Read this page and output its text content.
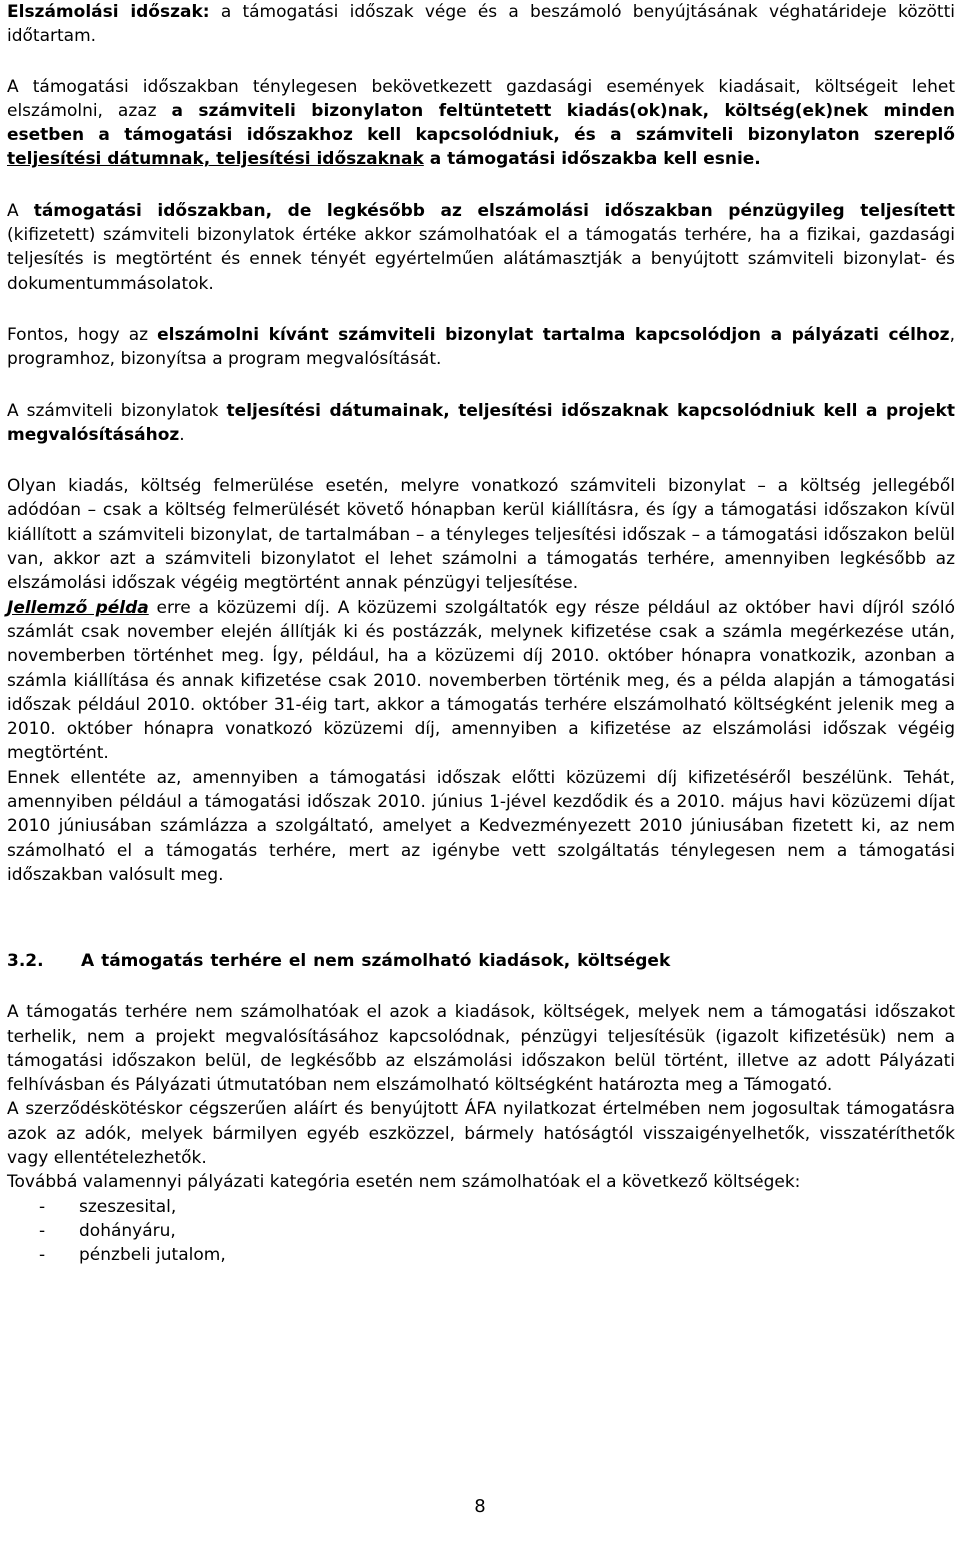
Elszámolási időszak: a támogatási időszak vége és a beszámoló benyújtásának véghatárideje közötti időtartam.

A támogatási időszakban ténylegesen bekövetkezett gazdasági események kiadásait, költségeit lehet elszámolni, azaz a számviteli bizonylaton feltüntetett kiadás(ok)nak, költség(ek)nek minden esetben a támogatási időszakhoz kell kapcsolódniuk, és a számviteli bizonylaton szereplő teljesítési dátumnak, teljesítési időszaknak a támogatási időszakba kell esnie.

A támogatási időszakban, de legkésőbb az elszámolási időszakban pénzügyileg teljesített (kifizetett) számviteli bizonylatok értéke akkor számolhatóak el a támogatás terhére, ha a fizikai, gazdasági teljesítés is megtörtént és ennek tényét egyértelműen alátámasztják a benyújtott számviteli bizonylat- és dokumentummásolatok.

Fontos, hogy az elszámolni kívánt számviteli bizonylat tartalma kapcsolódjon a pályázati célhoz, programhoz, bizonyítsa a program megvalósítását.

A számviteli bizonylatok teljesítési dátumainak, teljesítési időszaknak kapcsolódniuk kell a projekt megvalósításához.

Olyan kiadás, költség felmerülése esetén, melyre vonatkozó számviteli bizonylat – a költség jellegéből adódóan – csak a költség felmerülését követő hónapban kerül kiállításra, és így a támogatási időszakon kívül kiállított a számviteli bizonylat, de tartalmában – a tényleges teljesítési időszak – a támogatási időszakon belül van, akkor azt a számviteli bizonylatot el lehet számolni a támogatás terhére, amennyiben legkésőbb az elszámolási időszak végéig megtörtént annak pénzügyi teljesítése.

Jellemző példa erre a közüzemi díj. A közüzemi szolgáltatók egy része például az október havi díjról szóló számlát csak november elején állítják ki és postázzák, melynek kifizetése csak a számla megérkezése után, novemberben történhet meg. Így, például, ha a közüzemi díj 2010. október hónapra vonatkozik, azonban a számla kiállítása és annak kifizetése csak 2010. novemberben történik meg, és a példa alapján a támogatási időszak például 2010. október 31-éig tart, akkor a támogatás terhére elszámolható költségként jelenik meg a 2010. október hónapra vonatkozó közüzemi díj, amennyiben a kifizetése az elszámolási időszak végéig megtörtént.

Ennek ellentéte az, amennyiben a támogatási időszak előtti közüzemi díj kifizetéséről beszélünk. Tehát, amennyiben például a támogatási időszak 2010. június 1-jével kezdődik és a 2010. május havi közüzemi díjat 2010 júniusában számlázza a szolgáltató, amelyet a Kedvezményezett 2010 júniusában fizetett ki, az nem számolható el a támogatás terhére, mert az igénybe vett szolgáltatás ténylegesen nem a támogatási időszakban valósult meg.

3.2. A támogatás terhére el nem számolható kiadások, költségek

A támogatás terhére nem számolhatóak el azok a kiadások, költségek, melyek nem a támogatási időszakot terhelik, nem a projekt megvalósításához kapcsolódnak, pénzügyi teljesítésük (igazolt kifizetésük) nem a támogatási időszakon belül, de legkésőbb az elszámolási időszakon belül történt, illetve az adott Pályázati felhívásban és Pályázati útmutatóban nem elszámolható költségként határozta meg a Támogató.

A szerződéskötéskor cégszerűen aláírt és benyújtott ÁFA nyilatkozat értelmében nem jogosultak támogatásra azok az adók, melyek bármilyen egyéb eszközzel, bármely hatóságtól visszaigényelhetők, visszatéríthetők vagy ellentételezhetők.

Továbbá valamennyi pályázati kategória esetén nem számolhatóak el a következő költségek:

- szeszesital,
- dohányáru,
- pénzbeli jutalom,
8
